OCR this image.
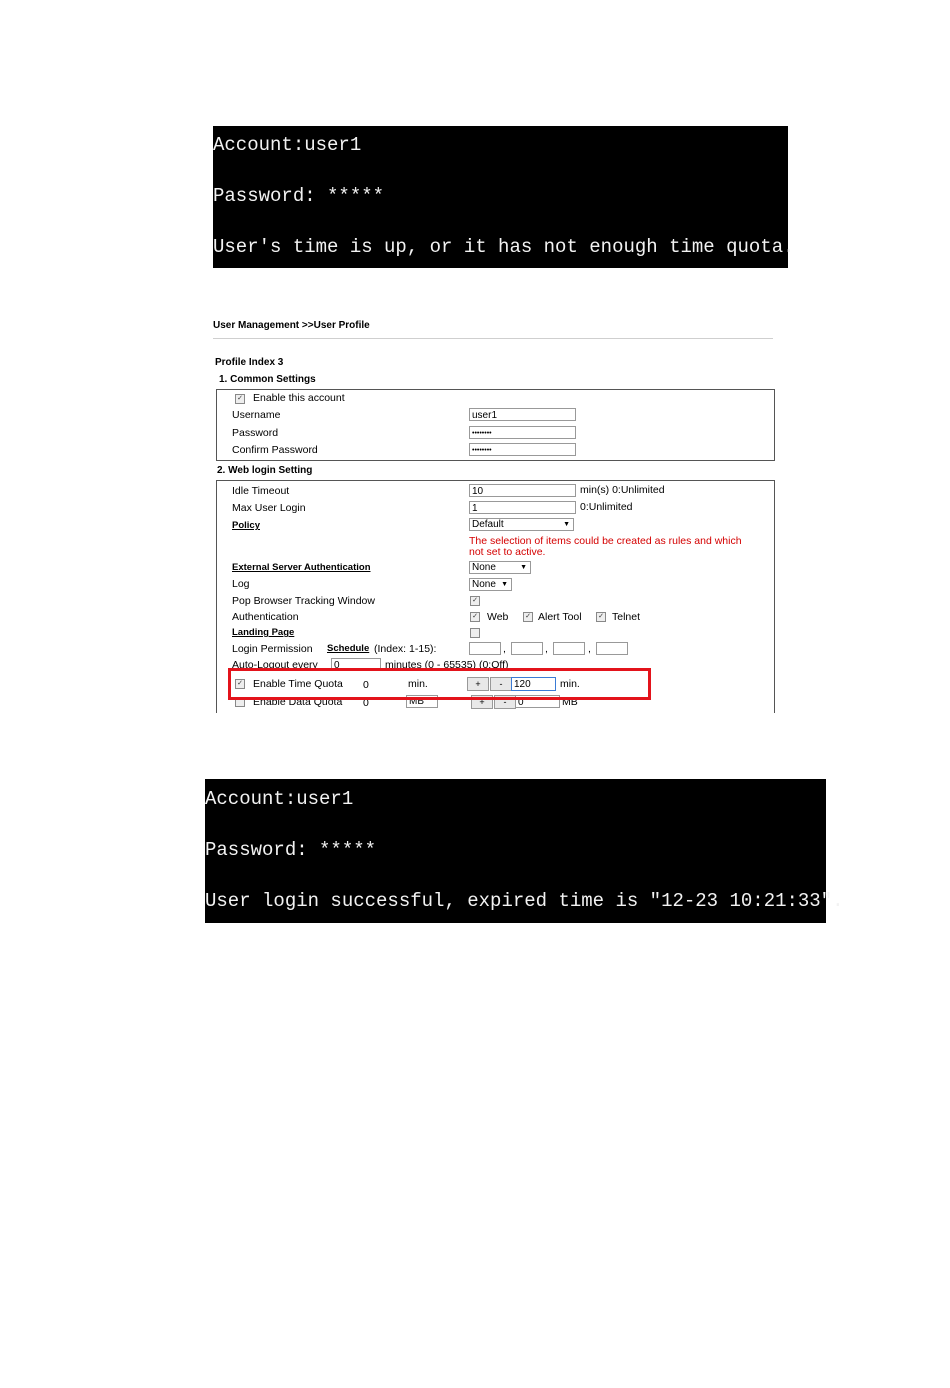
Account:user1
Password: *****
User's time is up, or it has not enough time quota.
User Management >>User Profile
Profile Index 3
1. Common Settings
✓ Enable this account
Username	user1
Password	••••••••
Confirm Password	••••••••
2. Web login Setting
Idle Timeout	10	min(s) 0:Unlimited
Max User Login	1	0:Unlimited
Policy	Default	▼
The selection of items could be created as rules and which not set to active.
External Server Authentication	None	▼
Log	None ▼
Pop Browser Tracking Window	✓
Authentication	✓ Web ✓ Alert Tool ✓ Telnet
Landing Page
Login Permission Schedule (Index: 1-15):	,	,	,
Auto-Logout every	0	minutes (0 - 65535) (0:Off)
✓ Enable Time Quota 0	min.	+	-	120	min.
Enable Data Quota 0	MB	+	-	0	MB
Account:user1
Password: *****
User login successful, expired time is "12-23 10:21:33".
